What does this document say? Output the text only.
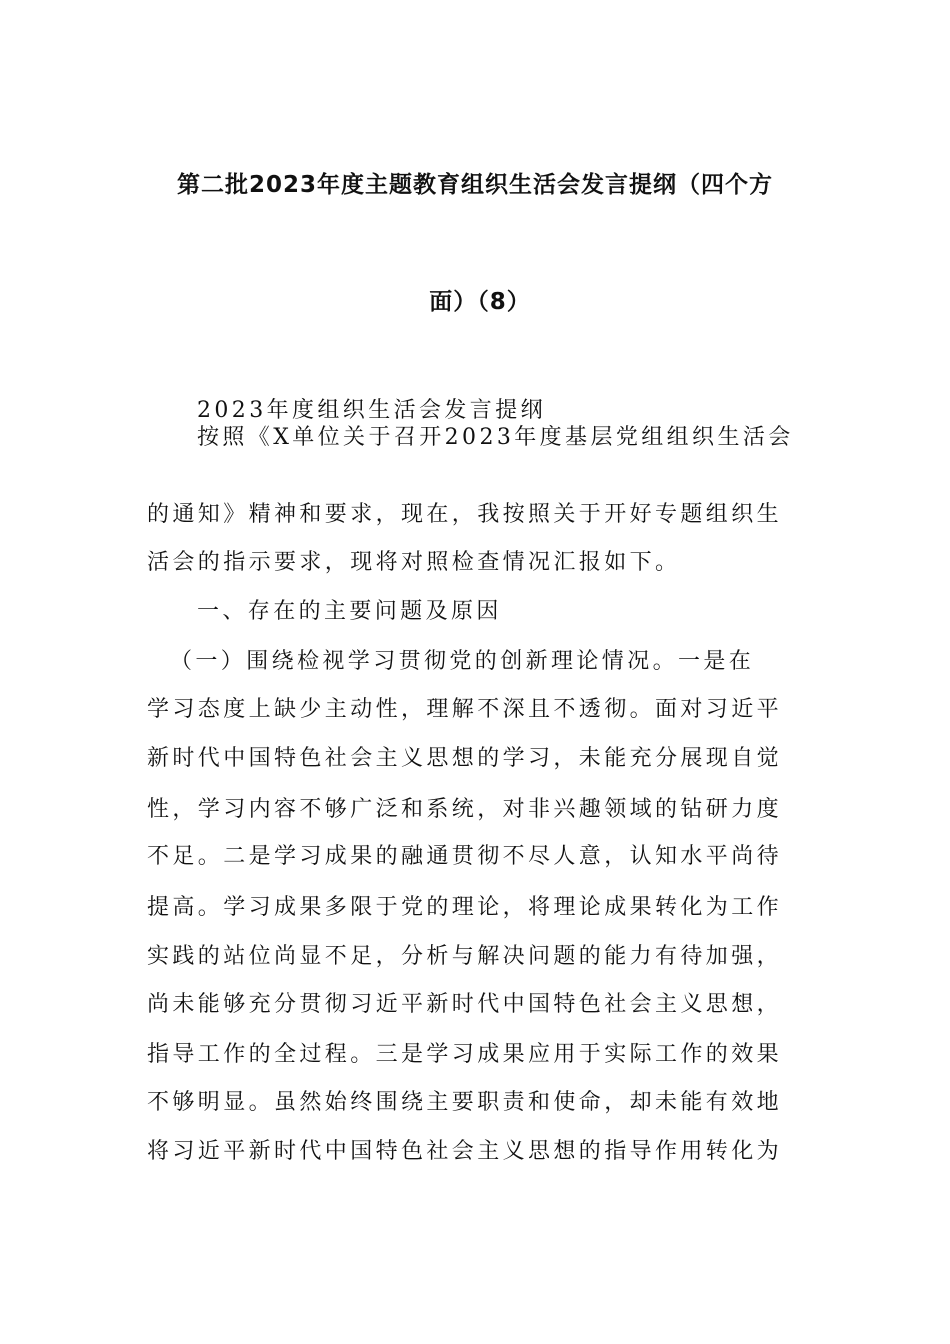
第二批2023年度主题教育组织生活会发言提纲（四个方
面）（8）
2023年度组织生活会发言提纲
按照《X单位关于召开2023年度基层党组组织生活会
的通知》精神和要求，现在，我按照关于开好专题组织生
活会的指示要求，现将对照检查情况汇报如下。
一、存在的主要问题及原因
（一）围绕检视学习贯彻党的创新理论情况。一是在
学习态度上缺少主动性，理解不深且不透彻。面对习近平
新时代中国特色社会主义思想的学习，未能充分展现自觉
性，学习内容不够广泛和系统，对非兴趣领域的钻研力度
不足。二是学习成果的融通贯彻不尽人意，认知水平尚待
提高。学习成果多限于党的理论，将理论成果转化为工作
实践的站位尚显不足，分析与解决问题的能力有待加强，
尚未能够充分贯彻习近平新时代中国特色社会主义思想，
指导工作的全过程。三是学习成果应用于实际工作的效果
不够明显。虽然始终围绕主要职责和使命，却未能有效地
将习近平新时代中国特色社会主义思想的指导作用转化为
